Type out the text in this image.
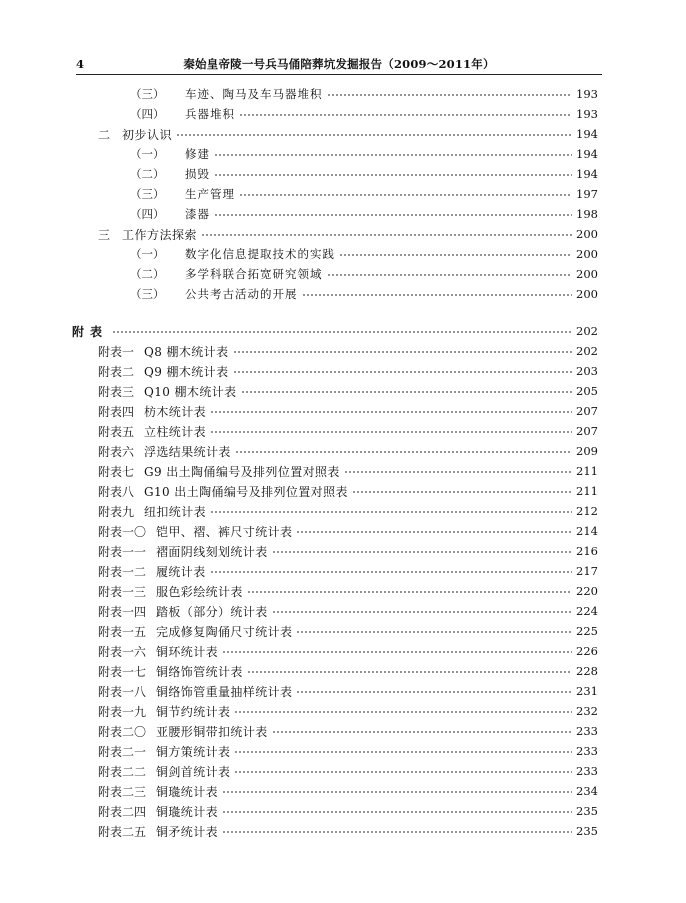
4	秦始皇帝陵一号兵马俑陪葬坑发掘报告（2009～2011年）
（三）	车迹、陶马及车马器堆积	193
（四）	兵器堆积	193
二 初步认识	194
（一）	修建	194
（二）	损毁	194
（三）	生产管理	197
（四）	漆器	198
三 工作方法探索	200
（一）	数字化信息提取技术的实践	200
（二）	多学科联合拓宽研究领域	200
（三）	公共考古活动的开展	200
附表	202
附表一 Q8 棚木统计表	202
附表二 Q9 棚木统计表	203
附表三 Q10 棚木统计表	205
附表四 枋木统计表	207
附表五 立柱统计表	207
附表六 浮选结果统计表	209
附表七 G9 出土陶俑编号及排列位置对照表	211
附表八 G10 出土陶俑编号及排列位置对照表	211
附表九 纽扣统计表	212
附表一〇 铠甲、褶、裤尺寸统计表	214
附表一一 褶面阴线刻划统计表	216
附表一二 履统计表	217
附表一三 服色彩绘统计表	220
附表一四 踏板（部分）统计表	224
附表一五 完成修复陶俑尺寸统计表	225
附表一六 铜环统计表	226
附表一七 铜络饰管统计表	228
附表一八 铜络饰管重量抽样统计表	231
附表一九 铜节约统计表	232
附表二〇 亚腰形铜带扣统计表	233
附表二一 铜方策统计表	233
附表二二 铜剑首统计表	233
附表二三 铜璏统计表	234
附表二四 铜璏统计表	235
附表二五 铜矛统计表	235
